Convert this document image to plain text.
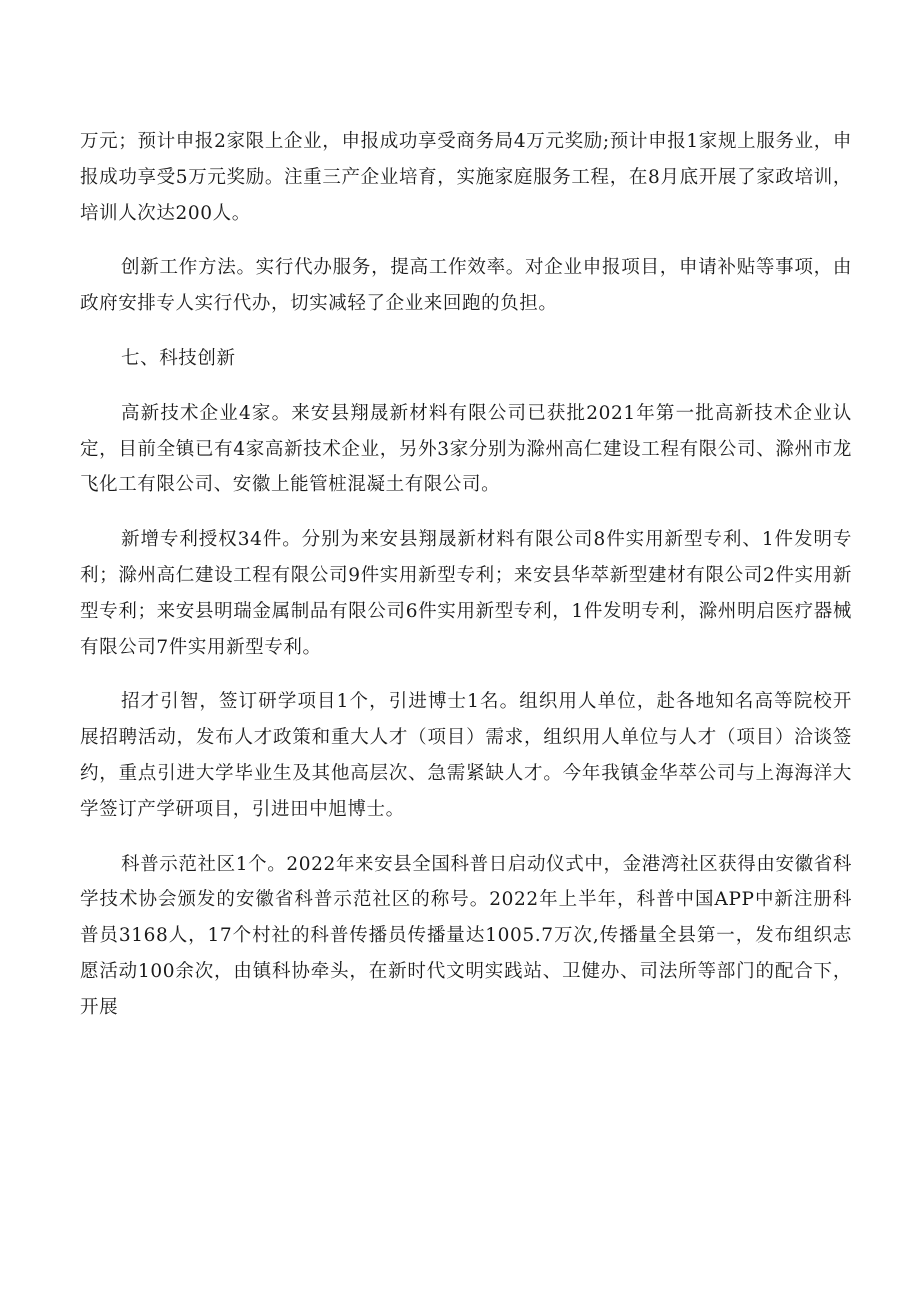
万元；预计申报2家限上企业，申报成功享受商务局4万元奖励;预计申报1家规上服务业，申报成功享受5万元奖励。注重三产企业培育，实施家庭服务工程，在8月底开展了家政培训，培训人次达200人。

创新工作方法。实行代办服务，提高工作效率。对企业申报项目，申请补贴等事项，由政府安排专人实行代办，切实减轻了企业来回跑的负担。

七、科技创新

高新技术企业4家。来安县翔晟新材料有限公司已获批2021年第一批高新技术企业认定，目前全镇已有4家高新技术企业，另外3家分别为滁州高仁建设工程有限公司、滁州市龙飞化工有限公司、安徽上能管桩混凝土有限公司。

新增专利授权34件。分别为来安县翔晟新材料有限公司8件实用新型专利、1件发明专利；滁州高仁建设工程有限公司9件实用新型专利；来安县华萃新型建材有限公司2件实用新型专利；来安县明瑞金属制品有限公司6件实用新型专利，1件发明专利，滁州明启医疗器械有限公司7件实用新型专利。

招才引智，签订研学项目1个，引进博士1名。组织用人单位，赴各地知名高等院校开展招聘活动，发布人才政策和重大人才（项目）需求，组织用人单位与人才（项目）洽谈签约，重点引进大学毕业生及其他高层次、急需紧缺人才。今年我镇金华萃公司与上海海洋大学签订产学研项目，引进田中旭博士。

科普示范社区1个。2022年来安县全国科普日启动仪式中，金港湾社区获得由安徽省科学技术协会颁发的安徽省科普示范社区的称号。2022年上半年，科普中国APP中新注册科普员3168人，17个村社的科普传播员传播量达1005.7万次,传播量全县第一，发布组织志愿活动100余次，由镇科协牵头，在新时代文明实践站、卫健办、司法所等部门的配合下，开展
